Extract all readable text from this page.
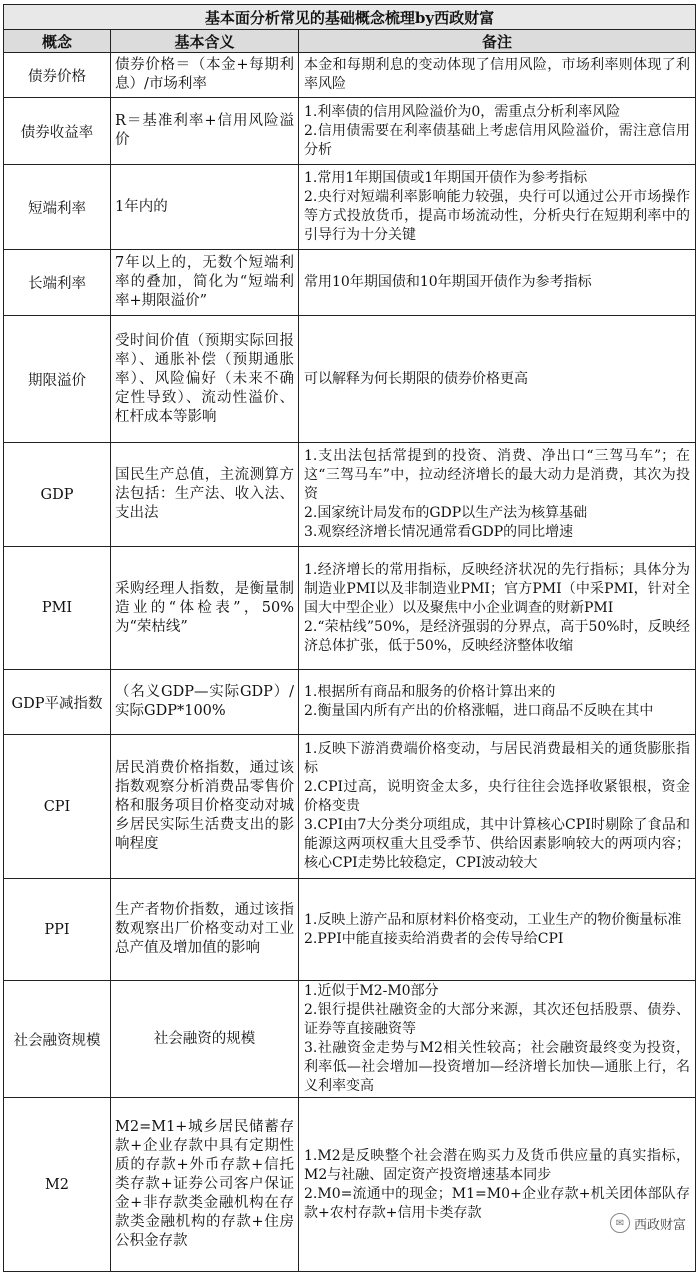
基本面分析常见的基础概念梳理by西政财富		
概念	基本含义	备注
债券价格	债券价格＝（本金+每期利息）/市场利率	本金和每期利息的变动体现了信用风险，市场利率则体现了利率风险

债券收益率	R＝基准利率+信用风险溢价	1.利率债的信用风险溢价为0，需重点分析利率风险
2.信用债需要在利率债基础上考虑信用风险溢价，需注意信用分析

短端利率	1年内的	1.常用1年期国债或1年期国开债作为参考指标
2.央行对短端利率影响能力较强，央行可以通过公开市场操作等方式投放货币，提高市场流动性，分析央行在短期利率中的引导行为十分关键

长端利率	7年以上的，无数个短端利率的叠加，简化为“短端利率+期限溢价”	常用10年期国债和10年期国开债作为参考指标

期限溢价	受时间价值（预期实际回报率）、通胀补偿（预期通胀率）、风险偏好（未来不确定性导致）、流动性溢价、杠杆成本等影响	可以解释为何长期限的债券价格更高

GDP	国民生产总值，主流测算方法包括：生产法、收入法、支出法	1.支出法包括常提到的投资、消费、净出口“三驾马车”；在这“三驾马车”中，拉动经济增长的最大动力是消费，其次为投资
2.国家统计局发布的GDP以生产法为核算基础
3.观察经济增长情况通常看GDP的同比增速

PMI	采购经理人指数，是衡量制造业的“体检表”，50%为“荣枯线”	1.经济增长的常用指标，反映经济状况的先行指标；具体分为制造业PMI以及非制造业PMI；官方PMI（中采PMI，针对全国大中型企业）以及聚焦中小企业调查的财新PMI
2.“荣枯线”50%，是经济强弱的分界点，高于50%时，反映经济总体扩张，低于50%，反映经济整体收缩

GDP平减指数	（名义GDP—实际GDP）/实际GDP*100%	1.根据所有商品和服务的价格计算出来的
2.衡量国内所有产出的价格涨幅，进口商品不反映在其中

CPI	居民消费价格指数，通过该指数观察分析消费品零售价格和服务项目价格变动对城乡居民实际生活费支出的影响程度	1.反映下游消费端价格变动，与居民消费最相关的通货膨胀指标
2.CPI过高，说明资金太多，央行往往会选择收紧银根，资金价格变贵
3.CPI由7大分类分项组成，其中计算核心CPI时剔除了食品和能源这两项权重大且受季节、供给因素影响较大的两项内容；核心CPI走势比较稳定，CPI波动较大

PPI	生产者物价指数，通过该指数观察出厂价格变动对工业总产值及增加值的影响	1.反映上游产品和原材料价格变动，工业生产的物价衡量标准
2.PPI中能直接卖给消费者的会传导给CPI

社会融资规模	社会融资的规模	1.近似于M2-M0部分
2.银行提供社融资金的大部分来源，其次还包括股票、债券、证券等直接融资等
3.社融资金走势与M2相关性较高；社会融资最终变为投资，利率低—社会增加—投资增加—经济增长加快—通胀上行，名义利率变高

M2	M2=M1+城乡居民储蓄存款+企业存款中具有定期性质的存款+外币存款+信托类存款+证券公司客户保证金+非存款类金融机构在存款类金融机构的存款+住房公积金存款	1.M2是反映整个社会潜在购买力及货币供应量的真实指标，M2与社融、固定资产投资增速基本同步
2.M0=流通中的现金；M1=M0+企业存款+机关团体部队存款+农村存款+信用卡类存款
✉ 西政财富
